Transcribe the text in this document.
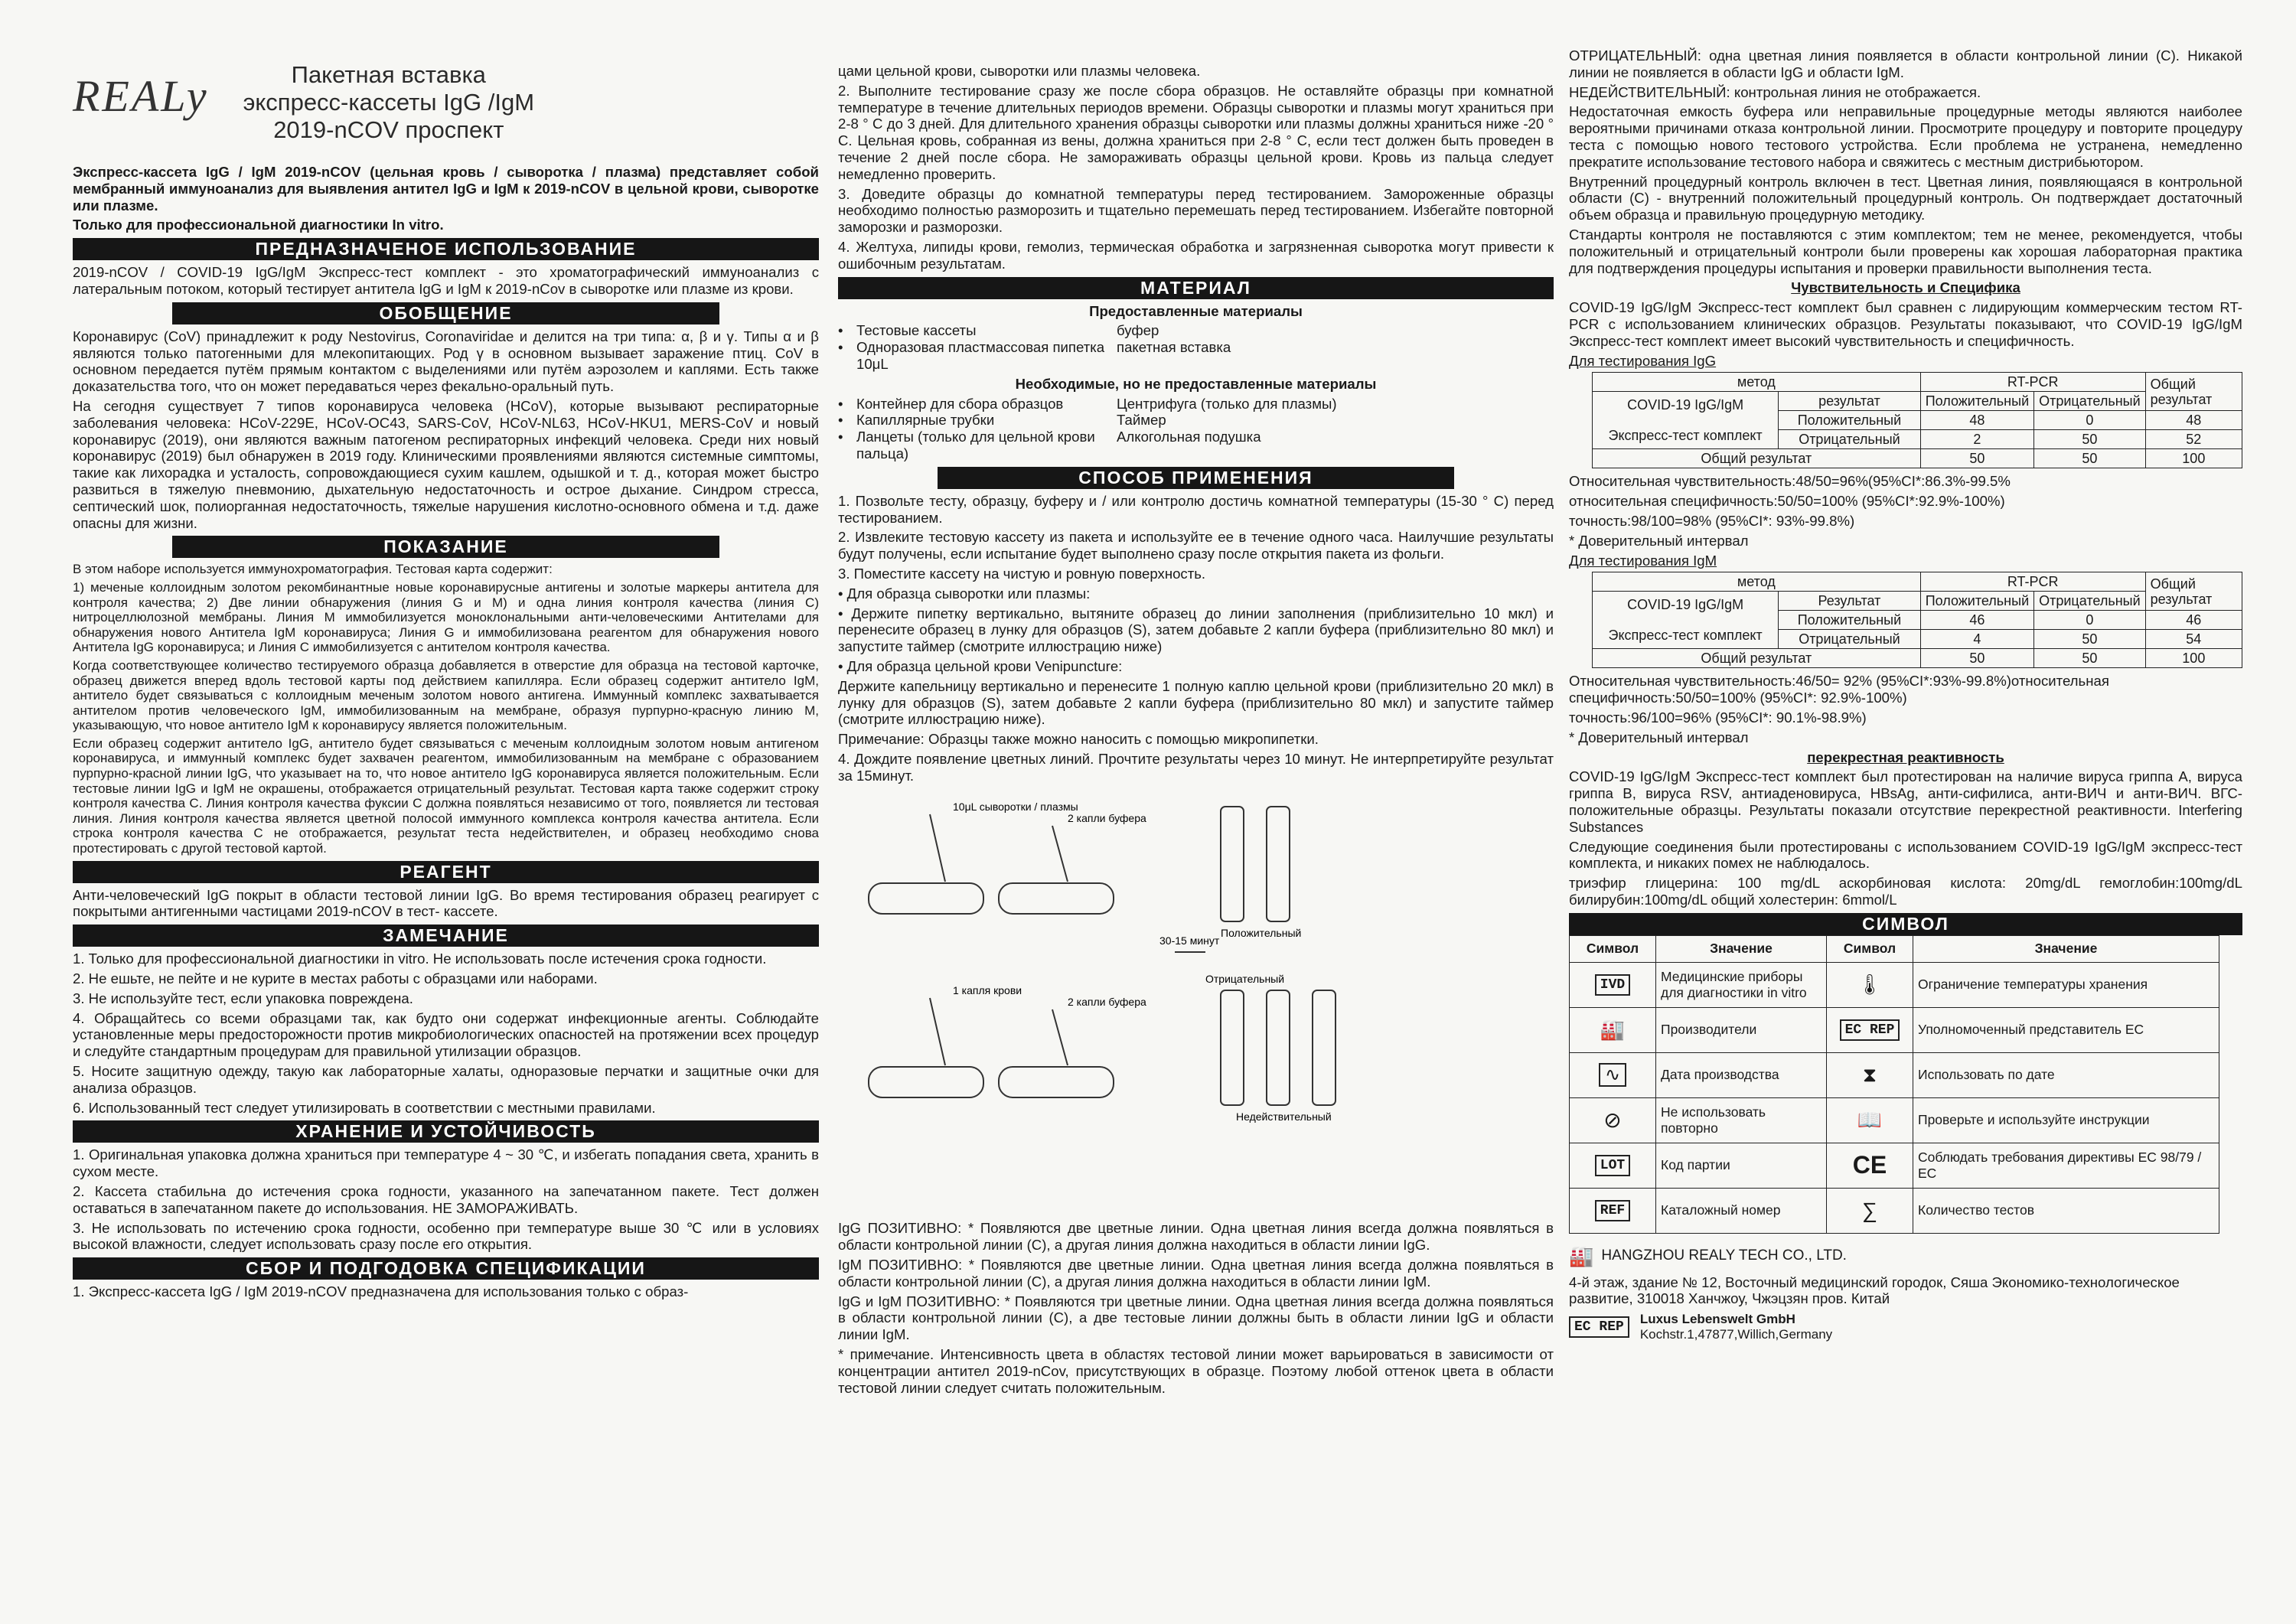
REALy	Пакетная вставка
экспресс-кассеты IgG /IgM
2019-nCOV проспект

Экспресс-кассета IgG / IgM 2019-nCOV (цельная кровь / сыворотка / плазма) представляет собой мембранный иммуноанализ для выявления антител IgG и IgM к 2019-nCOV в цельной крови, сыворотке или плазме.

Только для профессиональной диагностики In vitro.

ПРЕДНАЗНАЧЕНОЕ ИСПОЛЬЗОВАНИЕ

2019-nCOV / COVID-19 IgG/IgM Экспресс-тест комплект - это хроматографический иммуноанализ с латеральным потоком, который тестирует антитела IgG и IgM к 2019-nCov в сыворотке или плазме из крови.

ОБОБЩЕНИЕ

Коронавирус (CoV) принадлежит к роду Nestovirus, Coronaviridae и делится на три типа: α, β и γ. Типы α и β являются только патогенными для млекопитающих. Род γ в основном вызывает заражение птиц. CoV в основном передается путём прямым контактом с выделениями или путём аэрозолем и каплями. Есть также доказательства того, что он может передаваться через фекально-оральный путь.

На сегодня существует 7 типов коронавируса человека (HCoV), которые вызывают респираторные заболевания человека: HCoV-229E, HCoV-OC43, SARS-CoV, HCoV-NL63, HCoV-HKU1, MERS-CoV и новый коронавирус (2019), они являются важным патогеном респираторных инфекций человека. Среди них новый коронавирус (2019) был обнаружен в 2019 году. Клиническими проявлениями являются системные симптомы, такие как лихорадка и усталость, сопровождающиеся сухим кашлем, одышкой и т. д., которая может быстро развиться в тяжелую пневмонию, дыхательную недостаточность и острое дыхание. Синдром стресса, септический шок, полиорганная недостаточность, тяжелые нарушения кислотно-основного обмена и т.д. даже опасны для жизни.

ПОКАЗАНИЕ

В этом наборе используется иммунохроматография. Тестовая карта содержит:

1) меченые коллоидным золотом рекомбинантные новые коронавирусные антигены и золотые маркеры антитела для контроля качества; 2) Две линии обнаружения (линия G и M) и одна линия контроля качества (линия C) нитроцеллюлозной мембраны. Линия M иммобилизуется моноклональными анти-человеческими Антителами для обнаружения нового Антитела IgM коронавируса; Линия G и иммобилизована реагентом для обнаружения нового Антитела IgG коронавируса; и Линия C иммобилизуется с антителом контроля качества.

Когда соответствующее количество тестируемого образца добавляется в отверстие для образца на тестовой карточке, образец движется вперед вдоль тестовой карты под действием капилляра. Если образец содержит антитело IgM, антитело будет связываться с коллоидным меченым золотом нового антигена. Иммунный комплекс захватывается антителом против человеческого IgM, иммобилизованным на мембране, образуя пурпурно-красную линию M, указывающую, что новое антитело IgM к коронавирусу является положительным.

Если образец содержит антитело IgG, антитело будет связываться с меченым коллоидным золотом новым антигеном коронавируса, и иммунный комплекс будет захвачен реагентом, иммобилизованным на мембране с образованием пурпурно-красной линии IgG, что указывает на то, что новое антитело IgG коронавируса является положительным. Если тестовые линии IgG и IgM не окрашены, отображается отрицательный результат. Тестовая карта также содержит строку контроля качества C. Линия контроля качества фуксии C должна появляться независимо от того, появляется ли тестовая линия. Линия контроля качества является цветной полосой иммунного комплекса контроля качества антитела. Если строка контроля качества C не отображается, результат теста недействителен, и образец необходимо снова протестировать с другой тестовой картой.

РЕАГЕНТ

Анти-человеческий IgG покрыт в области тестовой линии IgG. Во время тестирования образец реагирует с покрытыми антигенными частицами 2019-nCOV в тест- кассете.

ЗАМЕЧАНИЕ

1. Только для профессиональной диагностики in vitro. Не использовать после истечения срока годности.

2. Не ешьте, не пейте и не курите в местах работы с образцами или наборами.

3. Не используйте тест, если упаковка повреждена.

4. Обращайтесь со всеми образцами так, как будто они содержат инфекционные агенты. Соблюдайте установленные меры предосторожности против микробиологических опасностей на протяжении всех процедур и следуйте стандартным процедурам для правильной утилизации образцов.

5. Носите защитную одежду, такую как лабораторные халаты, одноразовые перчатки и защитные очки для анализа образцов.

6. Использованный тест следует утилизировать в соответствии с местными правилами.

ХРАНЕНИЕ И УСТОЙЧИВОСТЬ

1. Оригинальная упаковка должна храниться при температуре 4 ~ 30 ℃, и избегать попадания света, хранить в сухом месте.

2. Кассета стабильна до истечения срока годности, указанного на запечатанном пакете. Тест должен оставаться в запечатанном пакете до использования. НЕ ЗАМОРАЖИВАТЬ.

3. Не использовать по истечению срока годности, особенно при температуре выше 30 ℃ или в условиях высокой влажности, следует использовать сразу после его открытия.

СБОР И ПОДГОДОВКА СПЕЦИФИКАЦИИ

1. Экспресс-кассета IgG / IgM 2019-nCOV предназначена для использования только с образ-

цами цельной крови, сыворотки или плазмы человека.

2. Выполните тестирование сразу же после сбора образцов. Не оставляйте образцы при комнатной температуре в течение длительных периодов времени. Образцы сыворотки и плазмы могут храниться при 2-8 ° C до 3 дней. Для длительного хранения образцы сыворотки или плазмы должны храниться ниже -20 ° C. Цельная кровь, собранная из вены, должна храниться при 2-8 ° C, если тест должен быть проведен в течение 2 дней после сбора. Не замораживать образцы цельной крови. Кровь из пальца следует немедленно проверить.

3. Доведите образцы до комнатной температуры перед тестированием. Замороженные образцы необходимо полностью разморозить и тщательно перемешать перед тестированием. Избегайте повторной заморозки и разморозки.

4. Желтуха, липиды крови, гемолиз, термическая обработка и загрязненная сыворотка могут привести к ошибочным результатам.

МАТЕРИАЛ

Предоставленные материалы

• Тестовые кассеты	буфер
• Одноразовая пластмассовая пипетка 10μL
пакетная вставка

Необходимые, но не предоставленные материалы

• Контейнер для сбора образцов	Центрифуга (только для плазмы)
• Капиллярные трубки	Таймер
• Ланцеты (только для цельной крови пальца)
Алкогольная подушка
СПОСОБ ПРИМЕНЕНИЯ

1. Позвольте тесту, образцу, буферу и / или контролю достичь комнатной температуры (15-30 ° C) перед тестированием.

2. Извлеките тестовую кассету из пакета и используйте ее в течение одного часа. Наилучшие результаты будут получены, если испытание будет выполнено сразу после открытия пакета из фольги.

3. Поместите кассету на чистую и ровную поверхность.

• Для образца сыворотки или плазмы:

• Держите пипетку вертикально, вытяните образец до линии заполнения (приблизительно 10 мкл) и перенесите образец в лунку для образцов (S), затем добавьте 2 капли буфера (приблизительно 80 мкл) и запустите таймер (смотрите иллюстрацию ниже)

• Для образца цельной крови Venipuncture:

Держите капельницу вертикально и перенесите 1 полную каплю цельной крови (приблизительно 20 мкл) в лунку для образцов (S), затем добавьте 2 капли буфера (приблизительно 80 мкл) и запустите таймер (смотрите иллюстрацию ниже).

Примечание: Образцы также можно наносить с помощью микропипетки.

4. Дождите появление цветных линий. Прочтите результаты через 10 минут. Не интерпретируйте результат за 15минут.

10μL сыворотки / плазмы
2 капли буфера
30-15 минут
Положительный
1 капля крови
2 капли буфера
Отрицательный
Недействительный

IgG ПОЗИТИВНО: * Появляются две цветные линии. Одна цветная линия всегда должна появляться в области контрольной линии (C), а другая линия должна находиться в области линии IgG.

IgM ПОЗИТИВНО: * Появляются две цветные линии. Одна цветная линия всегда должна появляться в области контрольной линии (C), а другая линия должна находиться в области линии IgM.

IgG и IgM ПОЗИТИВНО: * Появляются три цветные линии. Одна цветная линия всегда должна появляться в области контрольной линии (C), а две тестовые линии должны быть в области линии IgG и области линии IgM.

* примечание. Интенсивность цвета в областях тестовой линии может варьироваться в зависимости от концентрации антител 2019-nCov, присутствующих в образце. Поэтому любой оттенок цвета в области тестовой линии следует считать положительным.

ОТРИЦАТЕЛЬНЫЙ: одна цветная линия появляется в области контрольной линии (C). Никакой линии не появляется в области IgG и области IgM.

НЕДЕЙСТВИТЕЛЬНЫЙ: контрольная линия не отображается.

Недостаточная емкость буфера или неправильные процедурные методы являются наиболее вероятными причинами отказа контрольной линии. Просмотрите процедуру и повторите процедуру теста с помощью нового тестового устройства. Если проблема не устранена, немедленно прекратите использование тестового набора и свяжитесь с местным дистрибьютором.

Внутренний процедурный контроль включен в тест. Цветная линия, появляющаяся в контрольной области (C) - внутренний положительный процедурный контроль. Он подтверждает достаточный объем образца и правильную процедурную методику.

Стандарты контроля не поставляются с этим комплектом; тем не менее, рекомендуется, чтобы положительный и отрицательный контроли были проверены как хорошая лабораторная практика для подтверждения процедуры испытания и проверки правильности выполнения теста.

Чувствительность и Специфика

COVID-19 IgG/IgM Экспресс-тест комплект был сравнен с лидирующим коммерческим тестом RT-PCR с использованием клинических образцов. Результаты показывают, что COVID-19 IgG/IgM Экспресс-тест комплект имеет высокий чувствительность и специфичность.

Для тестирования IgG

метод		RT-PCR		Общий результат
COVID-19 IgG/IgM

Экспресс-тест комплект	результат	Положительный	Отрицательный	
	Положительный	48	0	48
	Отрицательный	2	50	52
Общий результат		50	50	100

Относительная чувствительность:48/50=96%(95%CI*:86.3%-99.5%

относительная специфичность:50/50=100% (95%CI*:92.9%-100%)

точность:98/100=98% (95%CI*: 93%-99.8%)

* Доверительный интервал

Для тестирования IgM

метод		RT-PCR		Общий результат
COVID-19 IgG/IgM

Экспресс-тест комплект	Результат	Положительный	Отрицательный	
	Положительный	46	0	46
	Отрицательный	4	50	54
Общий результат		50	50	100

Относительная чувствительность:46/50= 92% (95%CI*:93%-99.8%)относительная специфичность:50/50=100% (95%CI*: 92.9%-100%)

точность:96/100=96% (95%CI*: 90.1%-98.9%)

* Доверительный интервал

перекрестная реактивность

COVID-19 IgG/IgM Экспресс-тест комплект был протестирован на наличие вируса гриппа A, вируса гриппа B, вируса RSV, антиаденовируса, HBsAg, анти-сифилиса, анти-ВИЧ и анти-ВИЧ. ВГС-положительные образцы. Результаты показали отсутствие перекрестной реактивности. Interfering Substances

Следующие соединения были протестированы с использованием COVID-19 IgG/IgM экспресс-тест комплекта, и никаких помех не наблюдалось.

триэфир глицерина: 100 mg/dL аскорбиновая кислота: 20mg/dL гемоглобин:100mg/dL билирубин:100mg/dL общий холестерин: 6mmol/L

СИМВОЛ
Символ	Значение	Символ	Значение
IVD	Медицинские приборы для диагностики in vitro	🌡	Ограничение температуры хранения
🏭	Производители	EC REP	Уполномоченный представитель ЕС
∿	Дата производства	⧗	Использовать по дате
⊘	Не использовать повторно	📖	Проверьте и используйте инструкции
LOT	Код партии	CE	Соблюдать требования директивы ЕС 98/79 / EC
REF	Каталожный номер	∑	Количество тестов
🏭 HANGZHOU REALY TECH CO., LTD.

4-й этаж, здание № 12, Восточный медицинский городок, Сяша Экономико-технологическое развитие, 310018 Ханчжоу, Чжэцзян пров. Китай

EC REP
Luxus Lebenswelt GmbH
Kochstr.1,47877,Willich,Germany
